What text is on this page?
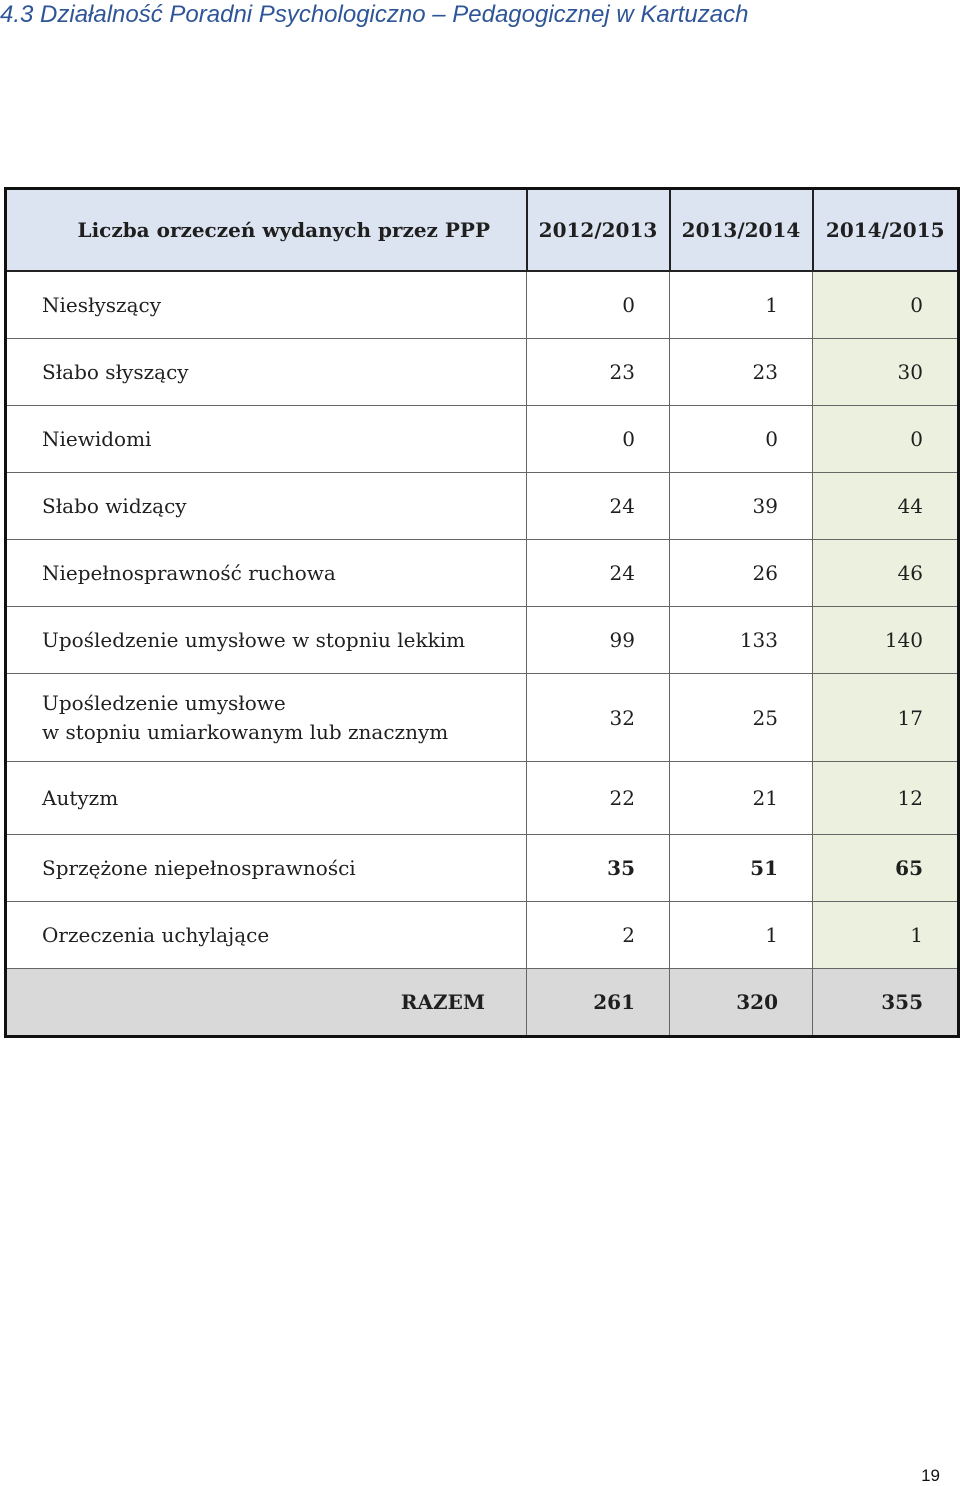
4.3 Działalność Poradni Psychologiczno – Pedagogicznej w Kartuzach
Liczba orzeczeń wydanych przez PPP	2012/2013	2013/2014	2014/2015
Niesłyszący	0	1	0
Słabo słyszący	23	23	30
Niewidomi	0	0	0
Słabo widzący	24	39	44
Niepełnosprawność ruchowa	24	26	46
Upośledzenie umysłowe w stopniu lekkim	99	133	140

Upośledzenie umysłowe
w stopniu umiarkowanym lub znacznym	32	25	17
Autyzm	22	21	12
Sprzężone niepełnosprawności	35	51	65
Orzeczenia uchylające	2	1	1
RAZEM	261	320	355
19
